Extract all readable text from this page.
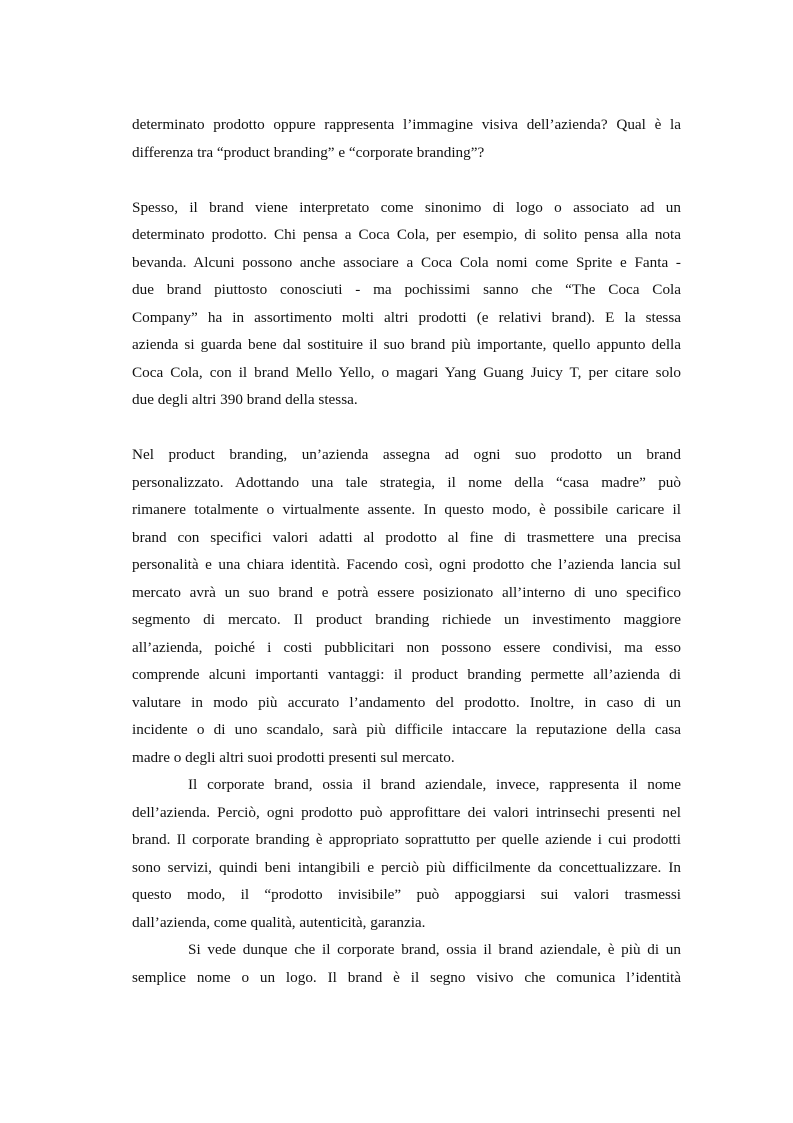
determinato prodotto oppure rappresenta l’immagine visiva dell’azienda? Qual è la
differenza tra “product branding” e “corporate branding”?
Spesso, il brand viene interpretato come sinonimo di logo o associato ad un
determinato prodotto. Chi pensa a Coca Cola, per esempio, di solito pensa alla nota
bevanda. Alcuni possono anche associare a Coca Cola nomi come Sprite e Fanta -
due brand piuttosto conosciuti - ma pochissimi sanno che “The Coca Cola
Company” ha in assortimento molti altri prodotti (e relativi brand). E la stessa
azienda si guarda bene dal sostituire il suo brand più importante, quello appunto della
Coca Cola, con il brand Mello Yello, o magari Yang Guang Juicy T, per citare solo
due degli altri 390 brand della stessa.
Nel product branding, un’azienda assegna ad ogni suo prodotto un brand
personalizzato. Adottando una tale strategia, il nome della “casa madre” può
rimanere totalmente o virtualmente assente. In questo modo, è possibile caricare il
brand con specifici valori adatti al prodotto al fine di trasmettere una precisa
personalità e una chiara identità. Facendo così, ogni prodotto che l’azienda lancia sul
mercato avrà un suo brand e potrà essere posizionato all’interno di uno specifico
segmento di mercato. Il product branding richiede un investimento maggiore
all’azienda, poiché i costi pubblicitari non possono essere condivisi, ma esso
comprende alcuni importanti vantaggi: il product branding permette all’azienda di
valutare in modo più accurato l’andamento del prodotto. Inoltre, in caso di un
incidente o di uno scandalo, sarà più difficile intaccare la reputazione della casa
madre o degli altri suoi prodotti presenti sul mercato.
Il corporate brand, ossia il brand aziendale, invece, rappresenta il nome
dell’azienda. Perciò, ogni prodotto può approfittare dei valori intrinsechi presenti nel
brand. Il corporate branding è appropriato soprattutto per quelle aziende i cui prodotti
sono servizi, quindi beni intangibili e perciò più difficilmente da concettualizzare. In
questo modo, il “prodotto invisibile” può appoggiarsi sui valori trasmessi
dall’azienda, come qualità, autenticità, garanzia.
Si vede dunque che il corporate brand, ossia il brand aziendale, è più di un
semplice nome o un logo. Il brand è il segno visivo che comunica l’identità
